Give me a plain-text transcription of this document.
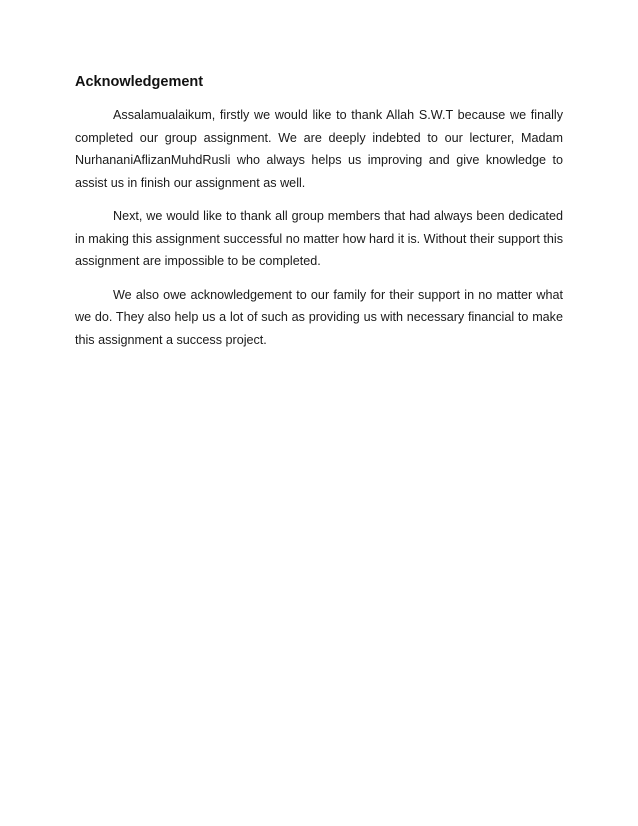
Acknowledgement

Assalamualaikum, firstly we would like to thank Allah S.W.T because we finally completed our group assignment. We are deeply indebted to our lecturer, Madam NurhananiAflizanMuhdRusli who always helps us improving and give knowledge to assist us in finish our assignment as well.

Next, we would like to thank all group members that had always been dedicated in making this assignment successful no matter how hard it is. Without their support this assignment are impossible to be completed.

We also owe acknowledgement to our family for their support in no matter what we do. They also help us a lot of such as providing us with necessary financial to make this assignment a success project.
